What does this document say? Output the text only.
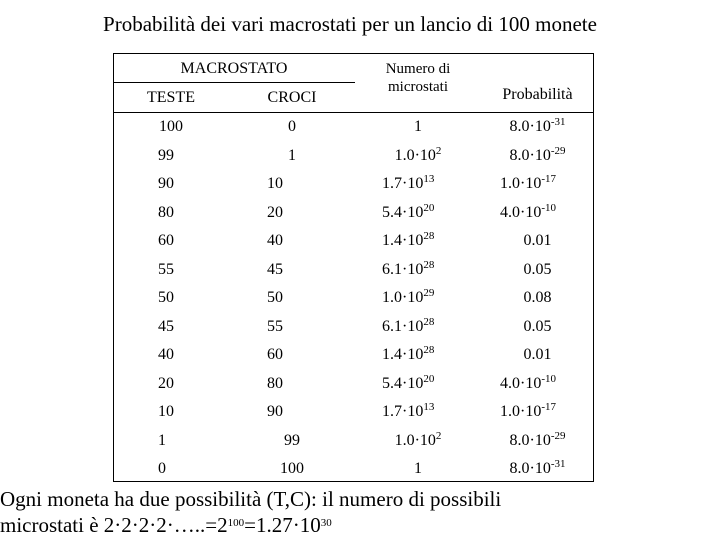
Probabilità dei vari macrostati per un lancio di 100 monete
MACROSTATO
TESTE	CROCI
Numero di
microstati	Probabilità
100	0	1	$8.0\cdot 10^{-31}$
99	1	$1.0\cdot 10^2$	$8.0\cdot 10^{-29}$
90	10	$1.7\cdot 10^{13}$	$1.0\cdot 10^{-17}$
80	20	$5.4\cdot 10^{20}$	$4.0\cdot 10^{-10}$
60	40	$1.4\cdot 10^{28}$	0.01
55	45	$6.1\cdot 10^{28}$	0.05
50	50	$1.0\cdot 10^{29}$	0.08
45	55	$6.1\cdot 10^{28}$	0.05
40	60	$1.4\cdot 10^{28}$	0.01
20	80	$5.4\cdot 10^{20}$	$4.0\cdot 10^{-10}$
10	90	$1.7\cdot 10^{13}$	$1.0\cdot 10^{-17}$
1	99	$1.0\cdot 10^2$	$8.0\cdot 10^{-29}$
0	100	1	$8.0\cdot 10^{-31}$
Ogni moneta ha due possibilità (T,C): il numero di possibili
microstati è $2\cdot 2\cdot 2\cdot 2\cdot\dots..=2^{100}=1.27\cdot 10^{30}$
